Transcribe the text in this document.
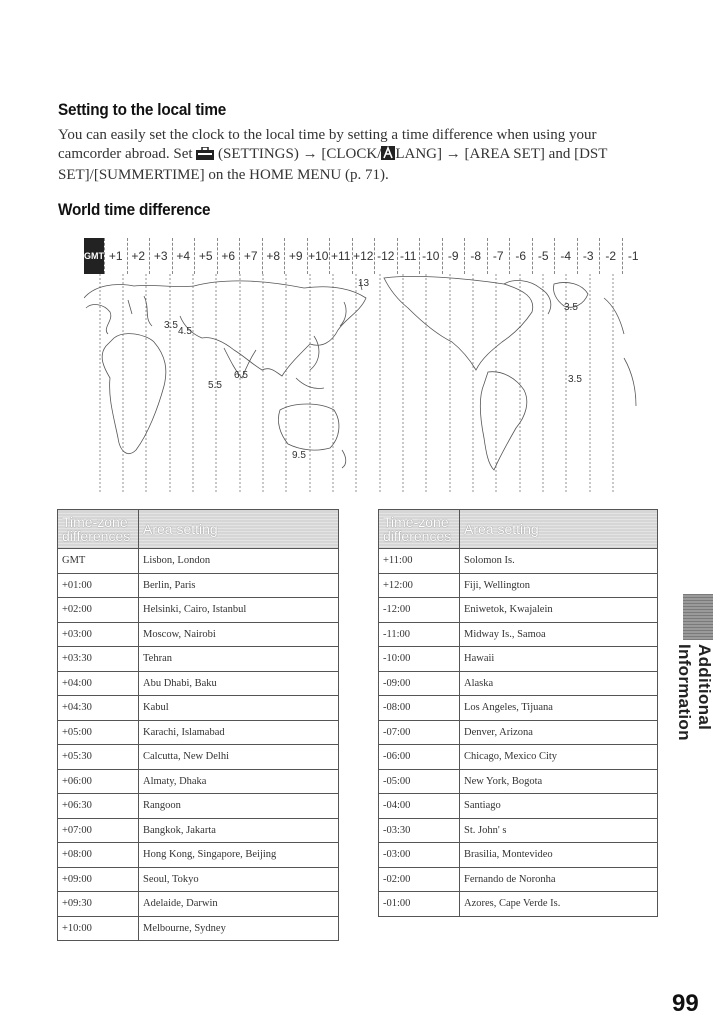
Setting to the local time
You can easily set the clock to the local time by setting a time difference when using your camcorder abroad. Set  (SETTINGS) → [CLOCK/ LANG] → [AREA SET] and [DST SET]/[SUMMERTIME] on the HOME MENU (p. 71).
World time difference
GMT +1 +2 +3 +4 +5 +6 +7 +8 +9 +10 +11 +12 -12 -11 -10 -9 -8 -7 -6 -5 -4 -3 -2 -1
13
3.5
4.5
6.5
5.5
9.5
3.5
3.5
Time-zone differences	Area setting
GMT	Lisbon, London
+01:00	Berlin, Paris
+02:00	Helsinki, Cairo, Istanbul
+03:00	Moscow, Nairobi
+03:30	Tehran
+04:00	Abu Dhabi, Baku
+04:30	Kabul
+05:00	Karachi, Islamabad
+05:30	Calcutta, New Delhi
+06:00	Almaty, Dhaka
+06:30	Rangoon
+07:00	Bangkok, Jakarta
+08:00	Hong Kong, Singapore, Beijing
+09:00	Seoul, Tokyo
+09:30	Adelaide, Darwin
+10:00	Melbourne, Sydney
Time-zone differences	Area setting
+11:00	Solomon Is.
+12:00	Fiji, Wellington
-12:00	Eniwetok, Kwajalein
-11:00	Midway Is., Samoa
-10:00	Hawaii
-09:00	Alaska
-08:00	Los Angeles, Tijuana
-07:00	Denver, Arizona
-06:00	Chicago, Mexico City
-05:00	New York, Bogota
-04:00	Santiago
-03:30	St. John' s
-03:00	Brasilia, Montevideo
-02:00	Fernando de Noronha
-01:00	Azores, Cape Verde Is.
Additional Information
99
